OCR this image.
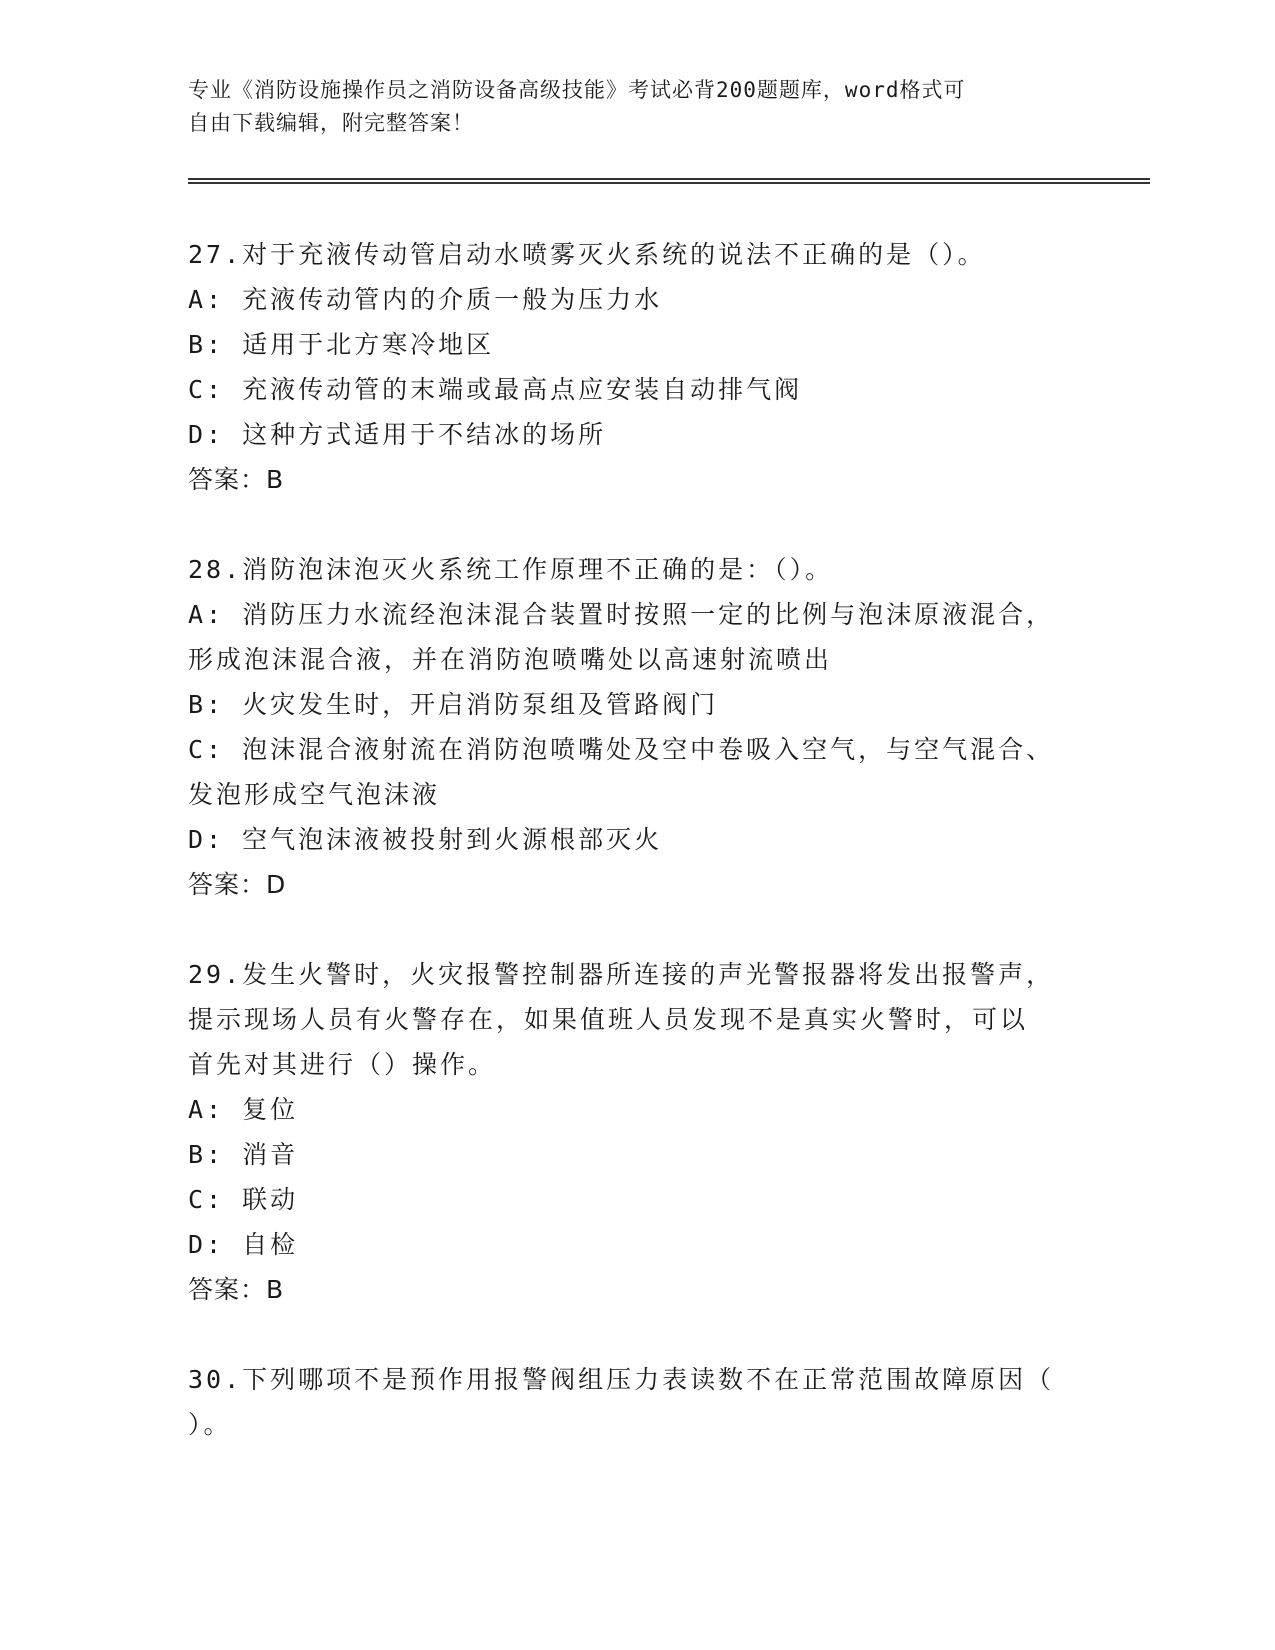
专业《消防设施操作员之消防设备高级技能》考试必背200题题库，word格式可
自由下载编辑，附完整答案！
27.对于充液传动管启动水喷雾灭火系统的说法不正确的是（）。
A: 充液传动管内的介质一般为压力水
B: 适用于北方寒冷地区
C: 充液传动管的末端或最高点应安装自动排气阀
D: 这种方式适用于不结冰的场所
答案：B
28.消防泡沫泡灭火系统工作原理不正确的是：（）。
A: 消防压力水流经泡沫混合装置时按照一定的比例与泡沫原液混合，
形成泡沫混合液，并在消防泡喷嘴处以高速射流喷出
B: 火灾发生时，开启消防泵组及管路阀门
C: 泡沫混合液射流在消防泡喷嘴处及空中卷吸入空气，与空气混合、
发泡形成空气泡沫液
D: 空气泡沫液被投射到火源根部灭火
答案：D
29.发生火警时，火灾报警控制器所连接的声光警报器将发出报警声，
提示现场人员有火警存在，如果值班人员发现不是真实火警时，可以
首先对其进行（）操作。
A: 复位
B: 消音
C: 联动
D: 自检
答案：B
30.下列哪项不是预作用报警阀组压力表读数不在正常范围故障原因（
）。
